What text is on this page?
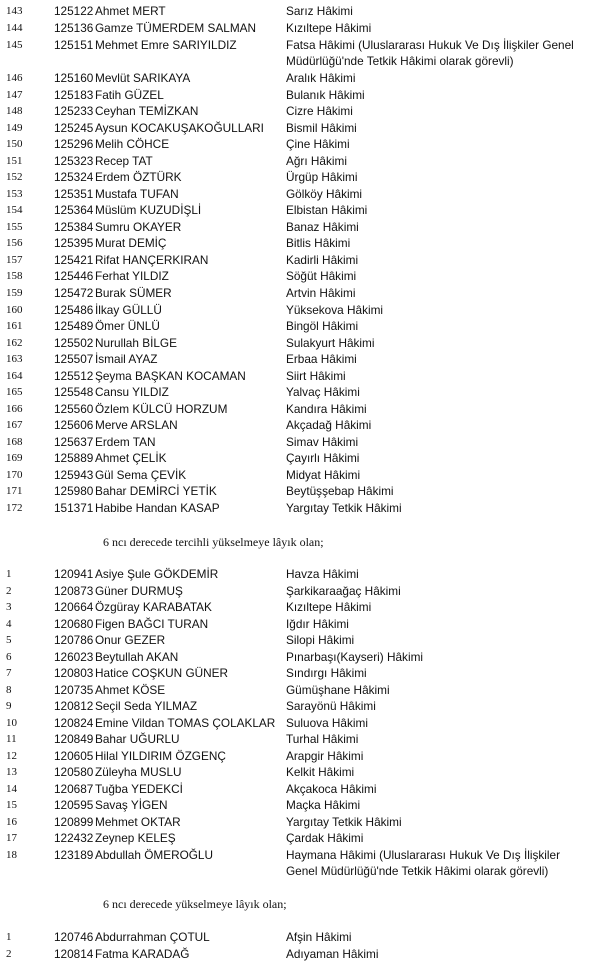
143	125122 Ahmet MERT	Sarız Hâkimi
144	125136 Gamze TÜMERDEM SALMAN	Kızıltepe Hâkimi
145	125151 Mehmet Emre SARIYILDIZ	Fatsa Hâkimi (Uluslararası Hukuk Ve Dış İlişkiler Genel Müdürlüğü'nde Tetkik Hâkimi olarak görevli)
146	125160 Mevlüt SARIKAYA	Aralık Hâkimi
147	125183 Fatih GÜZEL	Bulanık Hâkimi
148	125233 Ceyhan TEMİZKAN	Cizre Hâkimi
149	125245 Aysun KOCAKUŞAKOĞULLARI	Bismil Hâkimi
150	125296 Melih CÖHCE	Çine Hâkimi
151	125323 Recep TAT	Ağrı Hâkimi
152	125324 Erdem ÖZTÜRK	Ürgüp Hâkimi
153	125351 Mustafa TUFAN	Gölköy Hâkimi
154	125364 Müslüm KUZUDİŞLİ	Elbistan Hâkimi
155	125384 Sumru OKAYER	Banaz Hâkimi
156	125395 Murat DEMİÇ	Bitlis Hâkimi
157	125421 Rifat HANÇERKIRAN	Kadirli Hâkimi
158	125446 Ferhat YILDIZ	Söğüt Hâkimi
159	125472 Burak SÜMER	Artvin Hâkimi
160	125486 İlkay GÜLLÜ	Yüksekova Hâkimi
161	125489 Ömer ÜNLÜ	Bingöl Hâkimi
162	125502 Nurullah BİLGE	Sulakyurt Hâkimi
163	125507 İsmail AYAZ	Erbaa Hâkimi
164	125512 Şeyma BAŞKAN KOCAMAN	Siirt Hâkimi
165	125548 Cansu YILDIZ	Yalvaç Hâkimi
166	125560 Özlem KÜLCÜ HORZUM	Kandıra Hâkimi
167	125606 Merve ARSLAN	Akçadağ Hâkimi
168	125637 Erdem TAN	Simav Hâkimi
169	125889 Ahmet ÇELİK	Çayırlı Hâkimi
170	125943 Gül Sema ÇEVİK	Midyat Hâkimi
171	125980 Bahar DEMİRCİ YETİK	Beytüşşebap Hâkimi
172	151371 Habibe Handan KASAP	Yargıtay Tetkik Hâkimi
6 ncı derecede tercihli yükselmeye lâyık olan;
1	120941 Asiye Şule GÖKDEMİR	Havza Hâkimi
2	120873 Güner DURMUŞ	Şarkikaraağaç Hâkimi
3	120664 Özgüray KARABATAK	Kızıltepe Hâkimi
4	120680 Figen BAĞCI TURAN	Iğdır Hâkimi
5	120786 Onur GEZER	Silopi Hâkimi
6	126023 Beytullah AKAN	Pınarbaşı(Kayseri) Hâkimi
7	120803 Hatice COŞKUN GÜNER	Sındırgı Hâkimi
8	120735 Ahmet KÖSE	Gümüşhane Hâkimi
9	120812 Seçil Seda YILMAZ	Sarayönü Hâkimi
10	120824 Emine Vildan TOMAS ÇOLAKLAR Suluova Hâkimi
11	120849 Bahar UĞURLU	Turhal Hâkimi
12	120605 Hilal YILDIRIM ÖZGENÇ	Arapgir Hâkimi
13	120580 Züleyha MUSLU	Kelkit Hâkimi
14	120687 Tuğba YEDEKCİ	Akçakoca Hâkimi
15	120595 Savaş YİGEN	Maçka Hâkimi
16	120899 Mehmet OKTAR	Yargıtay Tetkik Hâkimi
17	122432 Zeynep KELEŞ	Çardak Hâkimi
18	123189 Abdullah ÖMEROĞLU	Haymana Hâkimi (Uluslararası Hukuk Ve Dış İlişkiler Genel Müdürlüğü'nde Tetkik Hâkimi olarak görevli)
6 ncı derecede yükselmeye lâyık olan;
1	120746 Abdurrahman ÇOTUL	Afşin Hâkimi
2	120814 Fatma KARADAĞ	Adıyaman Hâkimi
